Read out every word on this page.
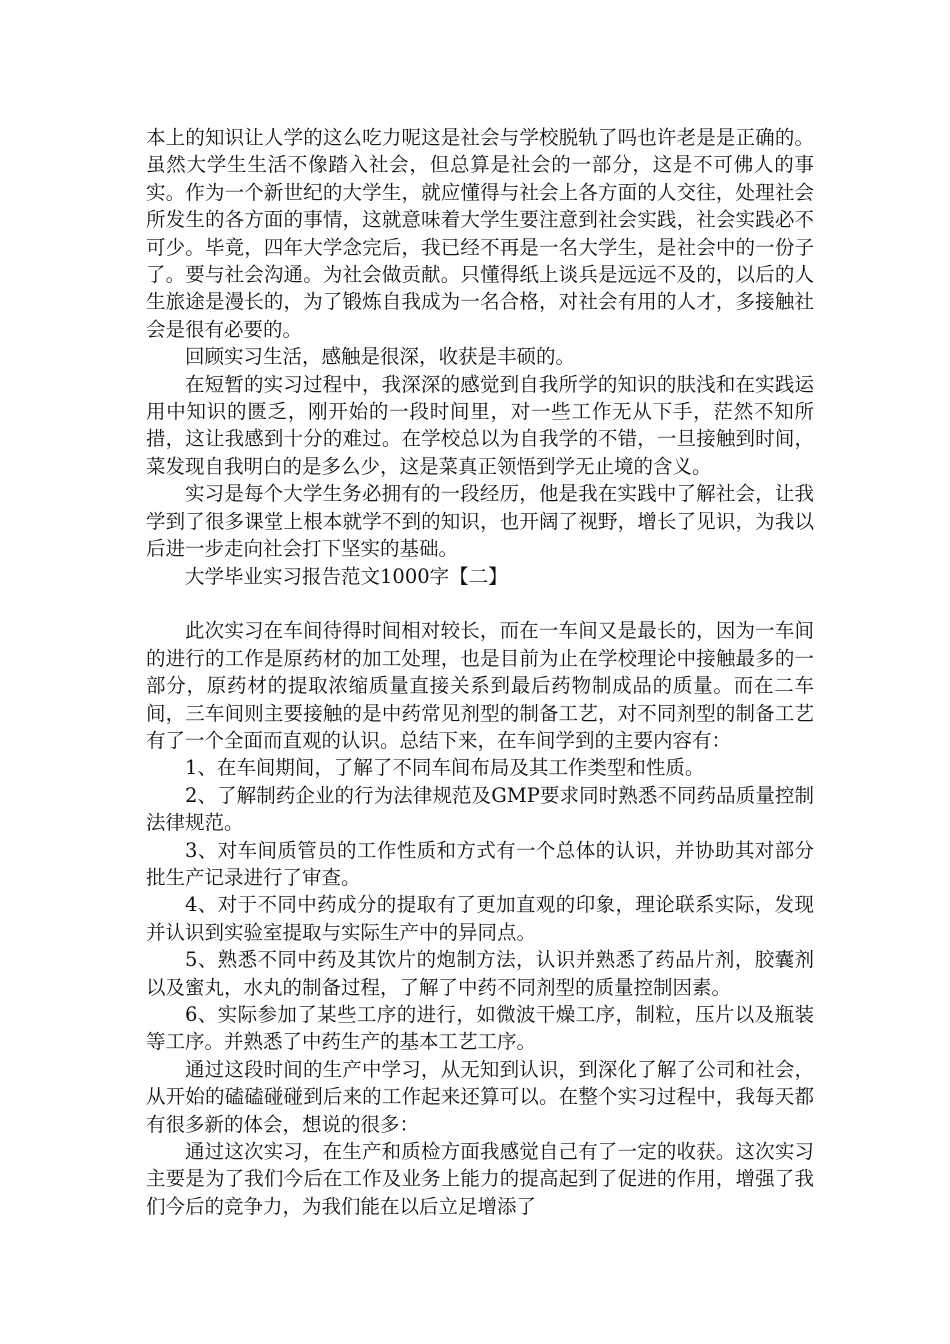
本上的知识让人学的这么吃力呢这是社会与学校脱轨了吗也许老是是正确的。虽然大学生生活不像踏入社会，但总算是社会的一部分，这是不可佛人的事实。作为一个新世纪的大学生，就应懂得与社会上各方面的人交往，处理社会所发生的各方面的事情，这就意味着大学生要注意到社会实践，社会实践必不可少。毕竟，四年大学念完后，我已经不再是一名大学生，是社会中的一份子了。要与社会沟通。为社会做贡献。只懂得纸上谈兵是远远不及的，以后的人生旅途是漫长的，为了锻炼自我成为一名合格，对社会有用的人才，多接触社会是很有必要的。

回顾实习生活，感触是很深，收获是丰硕的。

在短暂的实习过程中，我深深的感觉到自我所学的知识的肤浅和在实践运用中知识的匮乏，刚开始的一段时间里，对一些工作无从下手，茫然不知所措，这让我感到十分的难过。在学校总以为自我学的不错，一旦接触到时间，菜发现自我明白的是多么少，这是菜真正领悟到学无止境的含义。

实习是每个大学生务必拥有的一段经历，他是我在实践中了解社会，让我学到了很多课堂上根本就学不到的知识，也开阔了视野，增长了见识，为我以后进一步走向社会打下坚实的基础。

大学毕业实习报告范文1000字【二】

此次实习在车间待得时间相对较长，而在一车间又是最长的，因为一车间的进行的工作是原药材的加工处理，也是目前为止在学校理论中接触最多的一部分，原药材的提取浓缩质量直接关系到最后药物制成品的质量。而在二车间，三车间则主要接触的是中药常见剂型的制备工艺，对不同剂型的制备工艺有了一个全面而直观的认识。总结下来，在车间学到的主要内容有：

1、在车间期间，了解了不同车间布局及其工作类型和性质。

2、了解制药企业的行为法律规范及GMP要求同时熟悉不同药品质量控制法律规范。

3、对车间质管员的工作性质和方式有一个总体的认识，并协助其对部分批生产记录进行了审查。

4、对于不同中药成分的提取有了更加直观的印象，理论联系实际，发现并认识到实验室提取与实际生产中的异同点。

5、熟悉不同中药及其饮片的炮制方法，认识并熟悉了药品片剂，胶囊剂以及蜜丸，水丸的制备过程，了解了中药不同剂型的质量控制因素。

6、实际参加了某些工序的进行，如微波干燥工序，制粒，压片以及瓶装等工序。并熟悉了中药生产的基本工艺工序。

通过这段时间的生产中学习，从无知到认识，到深化了解了公司和社会，从开始的磕磕碰碰到后来的工作起来还算可以。在整个实习过程中，我每天都有很多新的体会，想说的很多：

通过这次实习，在生产和质检方面我感觉自己有了一定的收获。这次实习主要是为了我们今后在工作及业务上能力的提高起到了促进的作用，增强了我们今后的竞争力，为我们能在以后立足增添了
